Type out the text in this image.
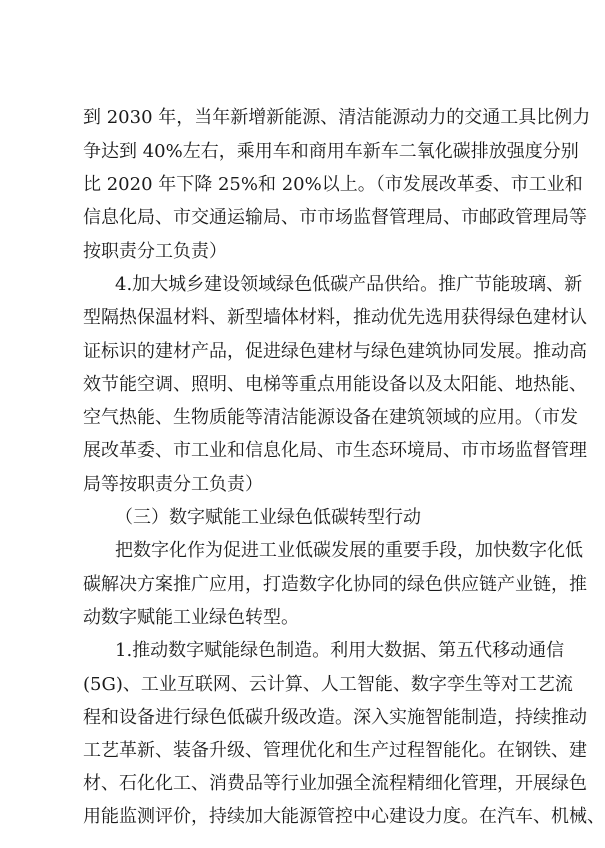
到 2030 年，当年新增新能源、清洁能源动力的交通工具比例力
争达到 40%左右，乘用车和商用车新车二氧化碳排放强度分别
比 2020 年下降 25%和 20%以上。（市发展改革委、市工业和
信息化局、市交通运输局、市市场监督管理局、市邮政管理局等
按职责分工负责）
4.加大城乡建设领域绿色低碳产品供给。推广节能玻璃、新
型隔热保温材料、新型墙体材料，推动优先选用获得绿色建材认
证标识的建材产品，促进绿色建材与绿色建筑协同发展。推动高
效节能空调、照明、电梯等重点用能设备以及太阳能、地热能、
空气热能、生物质能等清洁能源设备在建筑领域的应用。（市发
展改革委、市工业和信息化局、市生态环境局、市市场监督管理
局等按职责分工负责）
（三）数字赋能工业绿色低碳转型行动
把数字化作为促进工业低碳发展的重要手段，加快数字化低
碳解决方案推广应用，打造数字化协同的绿色供应链产业链，推
动数字赋能工业绿色转型。
1.推动数字赋能绿色制造。利用大数据、第五代移动通信
(5G)、工业互联网、云计算、人工智能、数字孪生等对工艺流
程和设备进行绿色低碳升级改造。深入实施智能制造，持续推动
工艺革新、装备升级、管理优化和生产过程智能化。在钢铁、建
材、石化化工、消费品等行业加强全流程精细化管理，开展绿色
用能监测评价，持续加大能源管控中心建设力度。在汽车、机械、
